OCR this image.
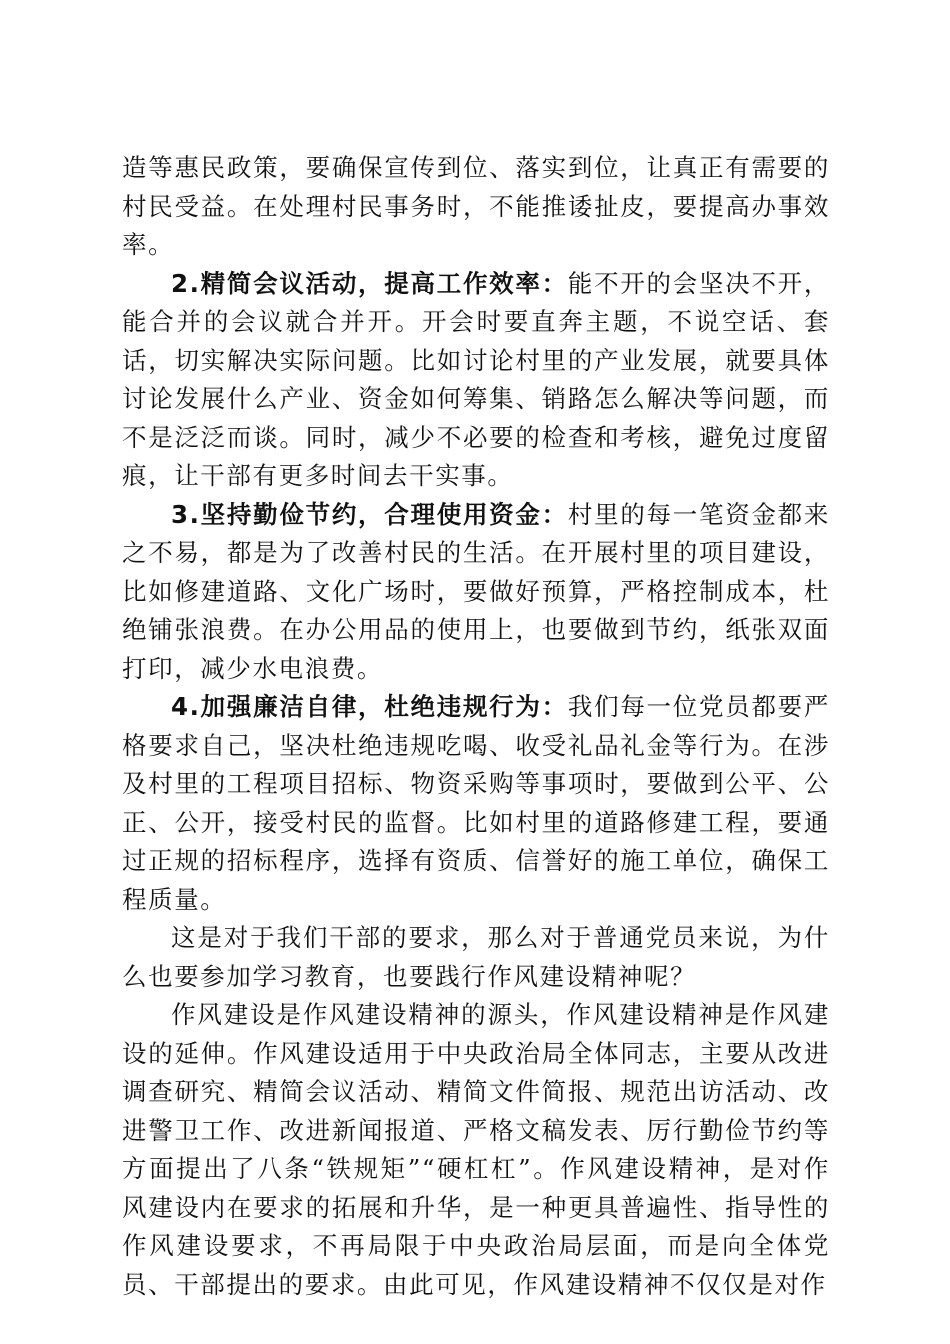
造等惠民政策，要确保宣传到位、落实到位，让真正有需要的村民受益。在处理村民事务时，不能推诿扯皮，要提高办事效率。

2.精简会议活动，提高工作效率：能不开的会坚决不开，能合并的会议就合并开。开会时要直奔主题，不说空话、套话，切实解决实际问题。比如讨论村里的产业发展，就要具体讨论发展什么产业、资金如何筹集、销路怎么解决等问题，而不是泛泛而谈。同时，减少不必要的检查和考核，避免过度留痕，让干部有更多时间去干实事。

3.坚持勤俭节约，合理使用资金：村里的每一笔资金都来之不易，都是为了改善村民的生活。在开展村里的项目建设，比如修建道路、文化广场时，要做好预算，严格控制成本，杜绝铺张浪费。在办公用品的使用上，也要做到节约，纸张双面打印，减少水电浪费。

4.加强廉洁自律，杜绝违规行为：我们每一位党员都要严格要求自己，坚决杜绝违规吃喝、收受礼品礼金等行为。在涉及村里的工程项目招标、物资采购等事项时，要做到公平、公正、公开，接受村民的监督。比如村里的道路修建工程，要通过正规的招标程序，选择有资质、信誉好的施工单位，确保工程质量。

这是对于我们干部的要求，那么对于普通党员来说，为什么也要参加学习教育，也要践行作风建设精神呢？

作风建设是作风建设精神的源头，作风建设精神是作风建设的延伸。作风建设适用于中央政治局全体同志，主要从改进调查研究、精简会议活动、精简文件简报、规范出访活动、改进警卫工作、改进新闻报道、严格文稿发表、厉行勤俭节约等方面提出了八条“铁规矩”“硬杠杠”。作风建设精神，是对作风建设内在要求的拓展和升华，是一种更具普遍性、指导性的作风建设要求，不再局限于中央政治局层面，而是向全体党员、干部提出的要求。由此可见，作风建设精神不仅仅是对作
